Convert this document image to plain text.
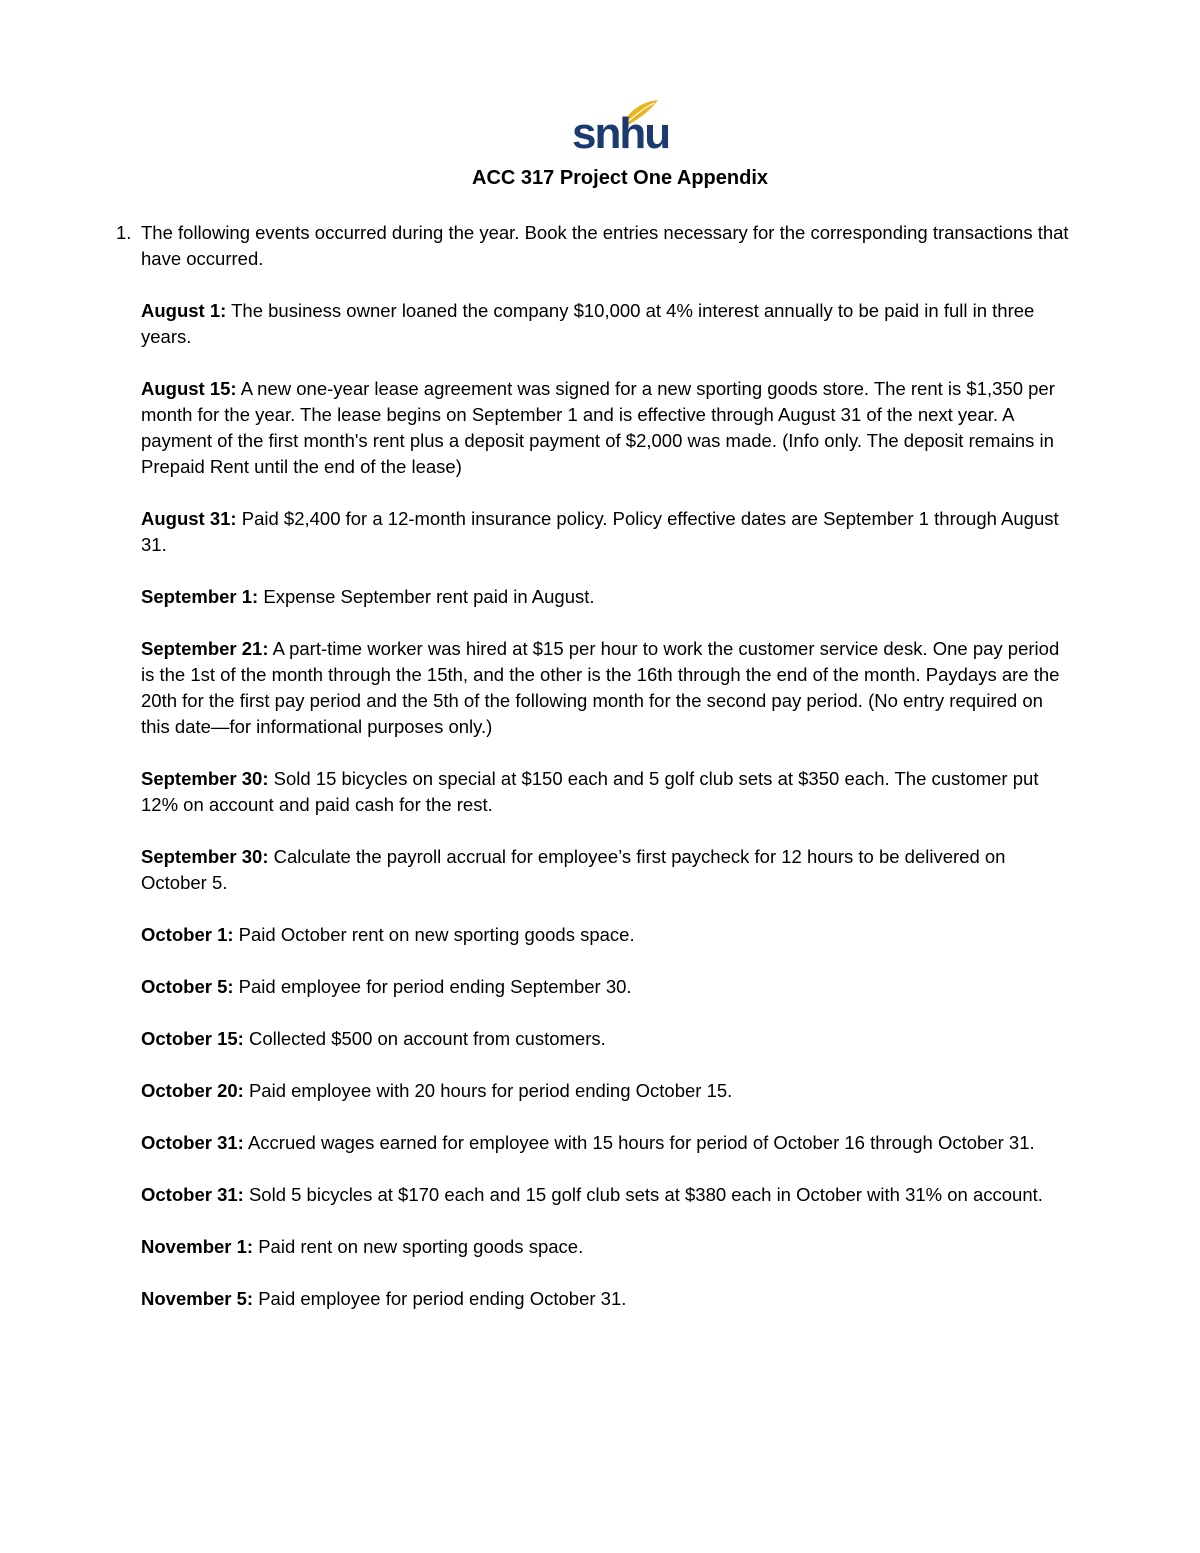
snhu
ACC 317 Project One Appendix
1. The following events occurred during the year. Book the entries necessary for the corresponding transactions that have occurred.
August 1: The business owner loaned the company $10,000 at 4% interest annually to be paid in full in three years.
August 15: A new one-year lease agreement was signed for a new sporting goods store. The rent is $1,350 per month for the year. The lease begins on September 1 and is effective through August 31 of the next year. A payment of the first month's rent plus a deposit payment of $2,000 was made. (Info only. The deposit remains in Prepaid Rent until the end of the lease)
August 31: Paid $2,400 for a 12-month insurance policy. Policy effective dates are September 1 through August 31.
September 1: Expense September rent paid in August.
September 21: A part-time worker was hired at $15 per hour to work the customer service desk. One pay period is the 1st of the month through the 15th, and the other is the 16th through the end of the month. Paydays are the 20th for the first pay period and the 5th of the following month for the second pay period. (No entry required on this date—for informational purposes only.)
September 30: Sold 15 bicycles on special at $150 each and 5 golf club sets at $350 each. The customer put 12% on account and paid cash for the rest.
September 30: Calculate the payroll accrual for employee’s first paycheck for 12 hours to be delivered on October 5.
October 1: Paid October rent on new sporting goods space.
October 5: Paid employee for period ending September 30.
October 15: Collected $500 on account from customers.
October 20: Paid employee with 20 hours for period ending October 15.
October 31: Accrued wages earned for employee with 15 hours for period of October 16 through October 31.
October 31: Sold 5 bicycles at $170 each and 15 golf club sets at $380 each in October with 31% on account.
November 1: Paid rent on new sporting goods space.
November 5: Paid employee for period ending October 31.
